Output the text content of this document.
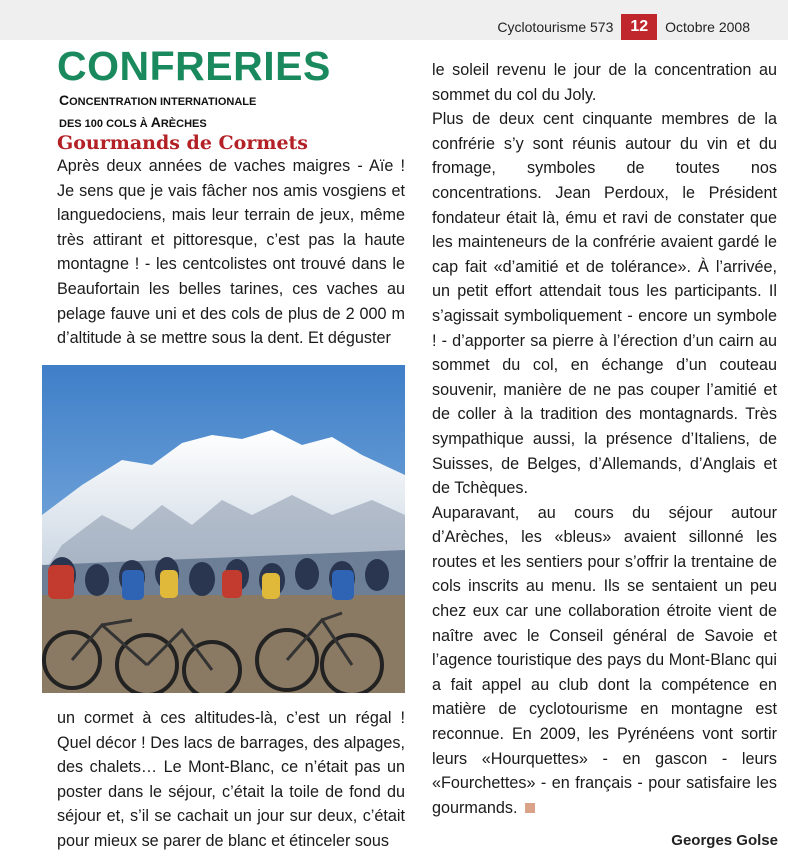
Cyclotourisme 573	12	Octobre 2008
CONFRERIES
CONCENTRATION INTERNATIONALE
DES 100 COLS À ARÈCHES
Gourmands de Cormets

Après deux années de vaches maigres - Aïe ! Je sens que je vais fâcher nos amis vosgiens et languedociens, mais leur terrain de jeux, même très attirant et pittoresque, c’est pas la haute montagne ! - les centcolistes ont trouvé dans le Beaufortain les belles tarines, ces vaches au pelage fauve uni et des cols de plus de 2 000 m d’altitude à se mettre sous la dent. Et déguster

un cormet à ces altitudes-là, c’est un régal ! Quel décor ! Des lacs de barrages, des alpages, des chalets… Le Mont-Blanc, ce n’était pas un poster dans le séjour, c’était la toile de fond du séjour et, s’il se cachait un jour sur deux, c’était pour mieux se parer de blanc et étinceler sous

le soleil revenu le jour de la concentration au sommet du col du Joly.

Plus de deux cent cinquante membres de la confrérie s’y sont réunis autour du vin et du fromage, symboles de toutes nos concentrations. Jean Perdoux, le Président fondateur était là, ému et ravi de constater que les mainteneurs de la confrérie avaient gardé le cap fait «d’amitié et de tolérance». À l’arrivée, un petit effort attendait tous les participants. Il s’agissait symboliquement - encore un symbole ! - d’apporter sa pierre à l’érection d’un cairn au sommet du col, en échange d’un couteau souvenir, manière de ne pas couper l’amitié et de coller à la tradition des montagnards. Très sympathique aussi, la présence d’Italiens, de Suisses, de Belges, d’Allemands, d’Anglais et de Tchèques.

Auparavant, au cours du séjour autour d’Arèches, les «bleus» avaient sillonné les routes et les sentiers pour s’offrir la trentaine de cols inscrits au menu. Ils se sentaient un peu chez eux car une collaboration étroite vient de naître avec le Conseil général de Savoie et l’agence touristique des pays du Mont-Blanc qui a fait appel au club dont la compétence en matière de cyclotourisme en montagne est reconnue. En 2009, les Pyrénéens vont sortir leurs «Hourquettes» - en gascon - leurs «Fourchettes» - en français - pour satisfaire les gourmands.

Georges Golse
